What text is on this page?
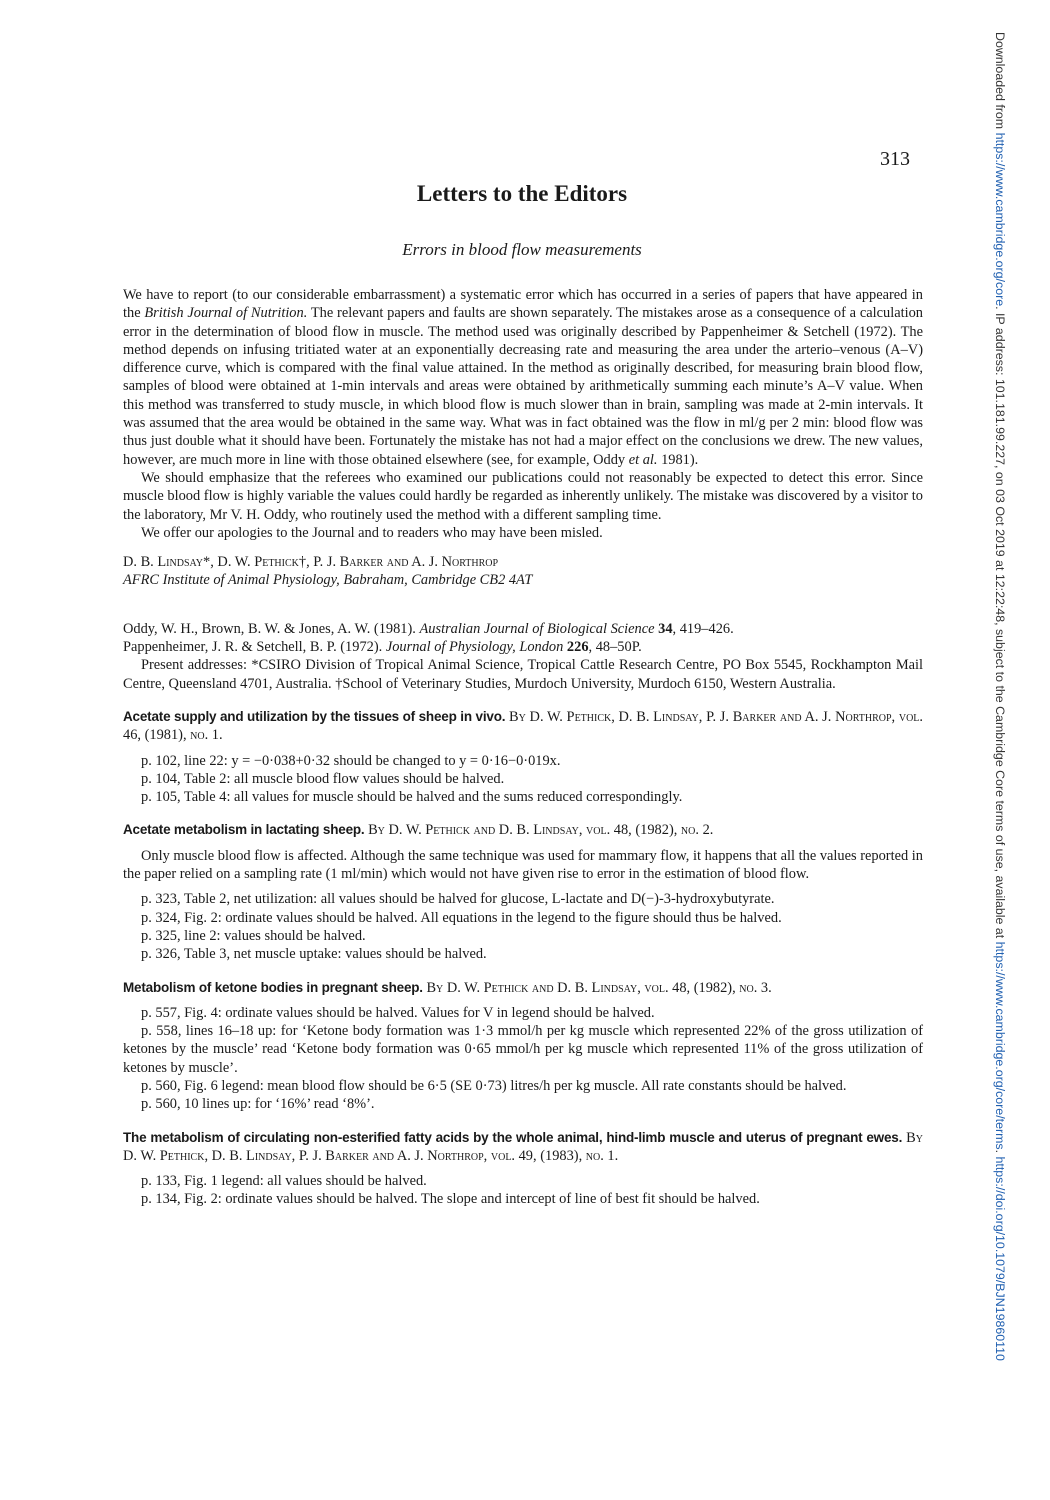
Downloaded from https://www.cambridge.org/core. IP address: 101.181.99.227, on 03 Oct 2019 at 12:22:48, subject to the Cambridge Core terms of use, available at https://www.cambridge.org/core/terms. https://doi.org/10.1079/BJN19860110
313
Letters to the Editors
Errors in blood flow measurements

We have to report (to our considerable embarrassment) a systematic error which has occurred in a series of papers that have appeared in the British Journal of Nutrition. The relevant papers and faults are shown separately. The mistakes arose as a consequence of a calculation error in the determination of blood flow in muscle. The method used was originally described by Pappenheimer & Setchell (1972). The method depends on infusing tritiated water at an exponentially decreasing rate and measuring the area under the arterio–venous (A–V) difference curve, which is compared with the final value attained. In the method as originally described, for measuring brain blood flow, samples of blood were obtained at 1-min intervals and areas were obtained by arithmetically summing each minute’s A–V value. When this method was transferred to study muscle, in which blood flow is much slower than in brain, sampling was made at 2-min intervals. It was assumed that the area would be obtained in the same way. What was in fact obtained was the flow in ml/g per 2 min: blood flow was thus just double what it should have been. Fortunately the mistake has not had a major effect on the conclusions we drew. The new values, however, are much more in line with those obtained elsewhere (see, for example, Oddy et al. 1981).

We should emphasize that the referees who examined our publications could not reasonably be expected to detect this error. Since muscle blood flow is highly variable the values could hardly be regarded as inherently unlikely. The mistake was discovered by a visitor to the laboratory, Mr V. H. Oddy, who routinely used the method with a different sampling time.

We offer our apologies to the Journal and to readers who may have been misled.

D. B. Lindsay*, D. W. Pethick†, P. J. Barker and A. J. Northrop

AFRC Institute of Animal Physiology, Babraham, Cambridge CB2 4AT

Oddy, W. H., Brown, B. W. & Jones, A. W. (1981). Australian Journal of Biological Science 34, 419–426.

Pappenheimer, J. R. & Setchell, B. P. (1972). Journal of Physiology, London 226, 48–50P.

Present addresses: *CSIRO Division of Tropical Animal Science, Tropical Cattle Research Centre, PO Box 5545, Rockhampton Mail Centre, Queensland 4701, Australia. †School of Veterinary Studies, Murdoch University, Murdoch 6150, Western Australia.

Acetate supply and utilization by the tissues of sheep in vivo. By D. W. Pethick, D. B. Lindsay, P. J. Barker and A. J. Northrop, vol. 46, (1981), no. 1.

p. 102, line 22: y = −0·038+0·32 should be changed to y = 0·16−0·019x.

p. 104, Table 2: all muscle blood flow values should be halved.

p. 105, Table 4: all values for muscle should be halved and the sums reduced correspondingly.

Acetate metabolism in lactating sheep. By D. W. Pethick and D. B. Lindsay, vol. 48, (1982), no. 2.

Only muscle blood flow is affected. Although the same technique was used for mammary flow, it happens that all the values reported in the paper relied on a sampling rate (1 ml/min) which would not have given rise to error in the estimation of blood flow.

p. 323, Table 2, net utilization: all values should be halved for glucose, L-lactate and D(−)-3-hydroxybutyrate.

p. 324, Fig. 2: ordinate values should be halved. All equations in the legend to the figure should thus be halved.

p. 325, line 2: values should be halved.

p. 326, Table 3, net muscle uptake: values should be halved.

Metabolism of ketone bodies in pregnant sheep. By D. W. Pethick and D. B. Lindsay, vol. 48, (1982), no. 3.

p. 557, Fig. 4: ordinate values should be halved. Values for V in legend should be halved.

p. 558, lines 16–18 up: for ‘Ketone body formation was 1·3 mmol/h per kg muscle which represented 22% of the gross utilization of ketones by the muscle’ read ‘Ketone body formation was 0·65 mmol/h per kg muscle which represented 11% of the gross utilization of ketones by muscle’.

p. 560, Fig. 6 legend: mean blood flow should be 6·5 (SE 0·73) litres/h per kg muscle. All rate constants should be halved.

p. 560, 10 lines up: for ‘16%’ read ‘8%’.

The metabolism of circulating non-esterified fatty acids by the whole animal, hind-limb muscle and uterus of pregnant ewes. By D. W. Pethick, D. B. Lindsay, P. J. Barker and A. J. Northrop, vol. 49, (1983), no. 1.

p. 133, Fig. 1 legend: all values should be halved.

p. 134, Fig. 2: ordinate values should be halved. The slope and intercept of line of best fit should be halved.
